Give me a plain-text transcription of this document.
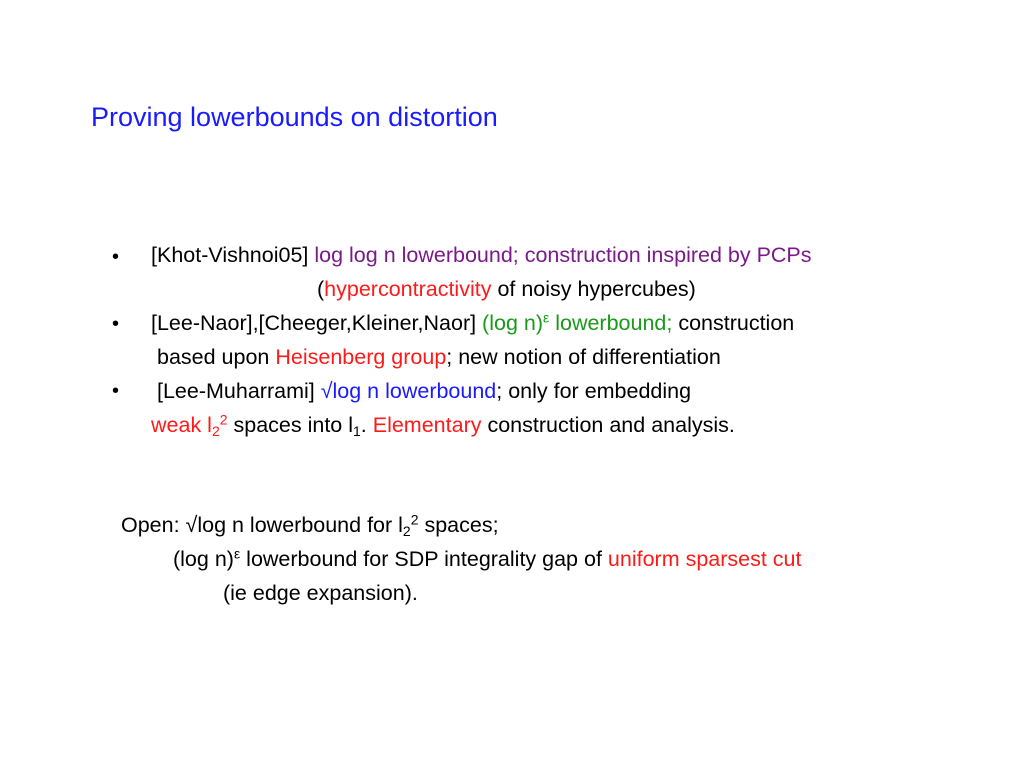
Proving lowerbounds on distortion
• [Khot-Vishnoi05] log log n lowerbound; construction inspired by PCPs
(hypercontractivity of noisy hypercubes)
• [Lee-Naor],[Cheeger,Kleiner,Naor] (log n)$^\varepsilon$ lowerbound; construction
based upon Heisenberg group; new notion of differentiation
• [Lee-Muharrami] √log n lowerbound; only for embedding
weak $l_2^2$ spaces into $l_1$. Elementary construction and analysis.
Open: √log n lowerbound for $l_2^2$ spaces;
(log n)$^\varepsilon$ lowerbound for SDP integrality gap of uniform sparsest cut
(ie edge expansion).
